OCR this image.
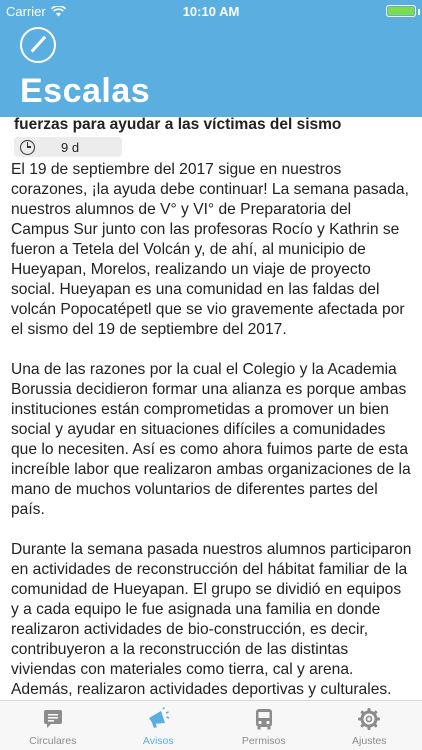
Carrier	10:10 AM
Escalas
fuerzas para ayudar a las víctimas del sismo
9 d

El 19 de septiembre del 2017 sigue en nuestros corazones, ¡la ayuda debe continuar! La semana pasada, nuestros alumnos de V° y VI° de Preparatoria del Campus Sur junto con las profesoras Rocío y Kathrin se fueron a Tetela del Volcán y, de ahí, al municipio de Hueyapan, Morelos, realizando un viaje de proyecto social. Hueyapan es una comunidad en las faldas del volcán Popocatépetl que se vio gravemente afectada por el sismo del 19 de septiembre del 2017.

Una de las razones por la cual el Colegio y la Academia Borussia decidieron formar una alianza es porque ambas instituciones están comprometidas a promover un bien social y ayudar en situaciones difíciles a comunidades que lo necesiten. Así es como ahora fuimos parte de esta increíble labor que realizaron ambas organizaciones de la mano de muchos voluntarios de diferentes partes del país.

Durante la semana pasada nuestros alumnos participaron en actividades de reconstrucción del hábitat familiar de la comunidad de Hueyapan. El grupo se dividió en equipos y a cada equipo le fue asignada una familia en donde realizaron actividades de bio-construcción, es decir, contribuyeron a la reconstrucción de las distintas viviendas con materiales como tierra, cal y arena. Además, realizaron actividades deportivas y culturales.

Circulares	Avisos	Permisos	Ajustes
